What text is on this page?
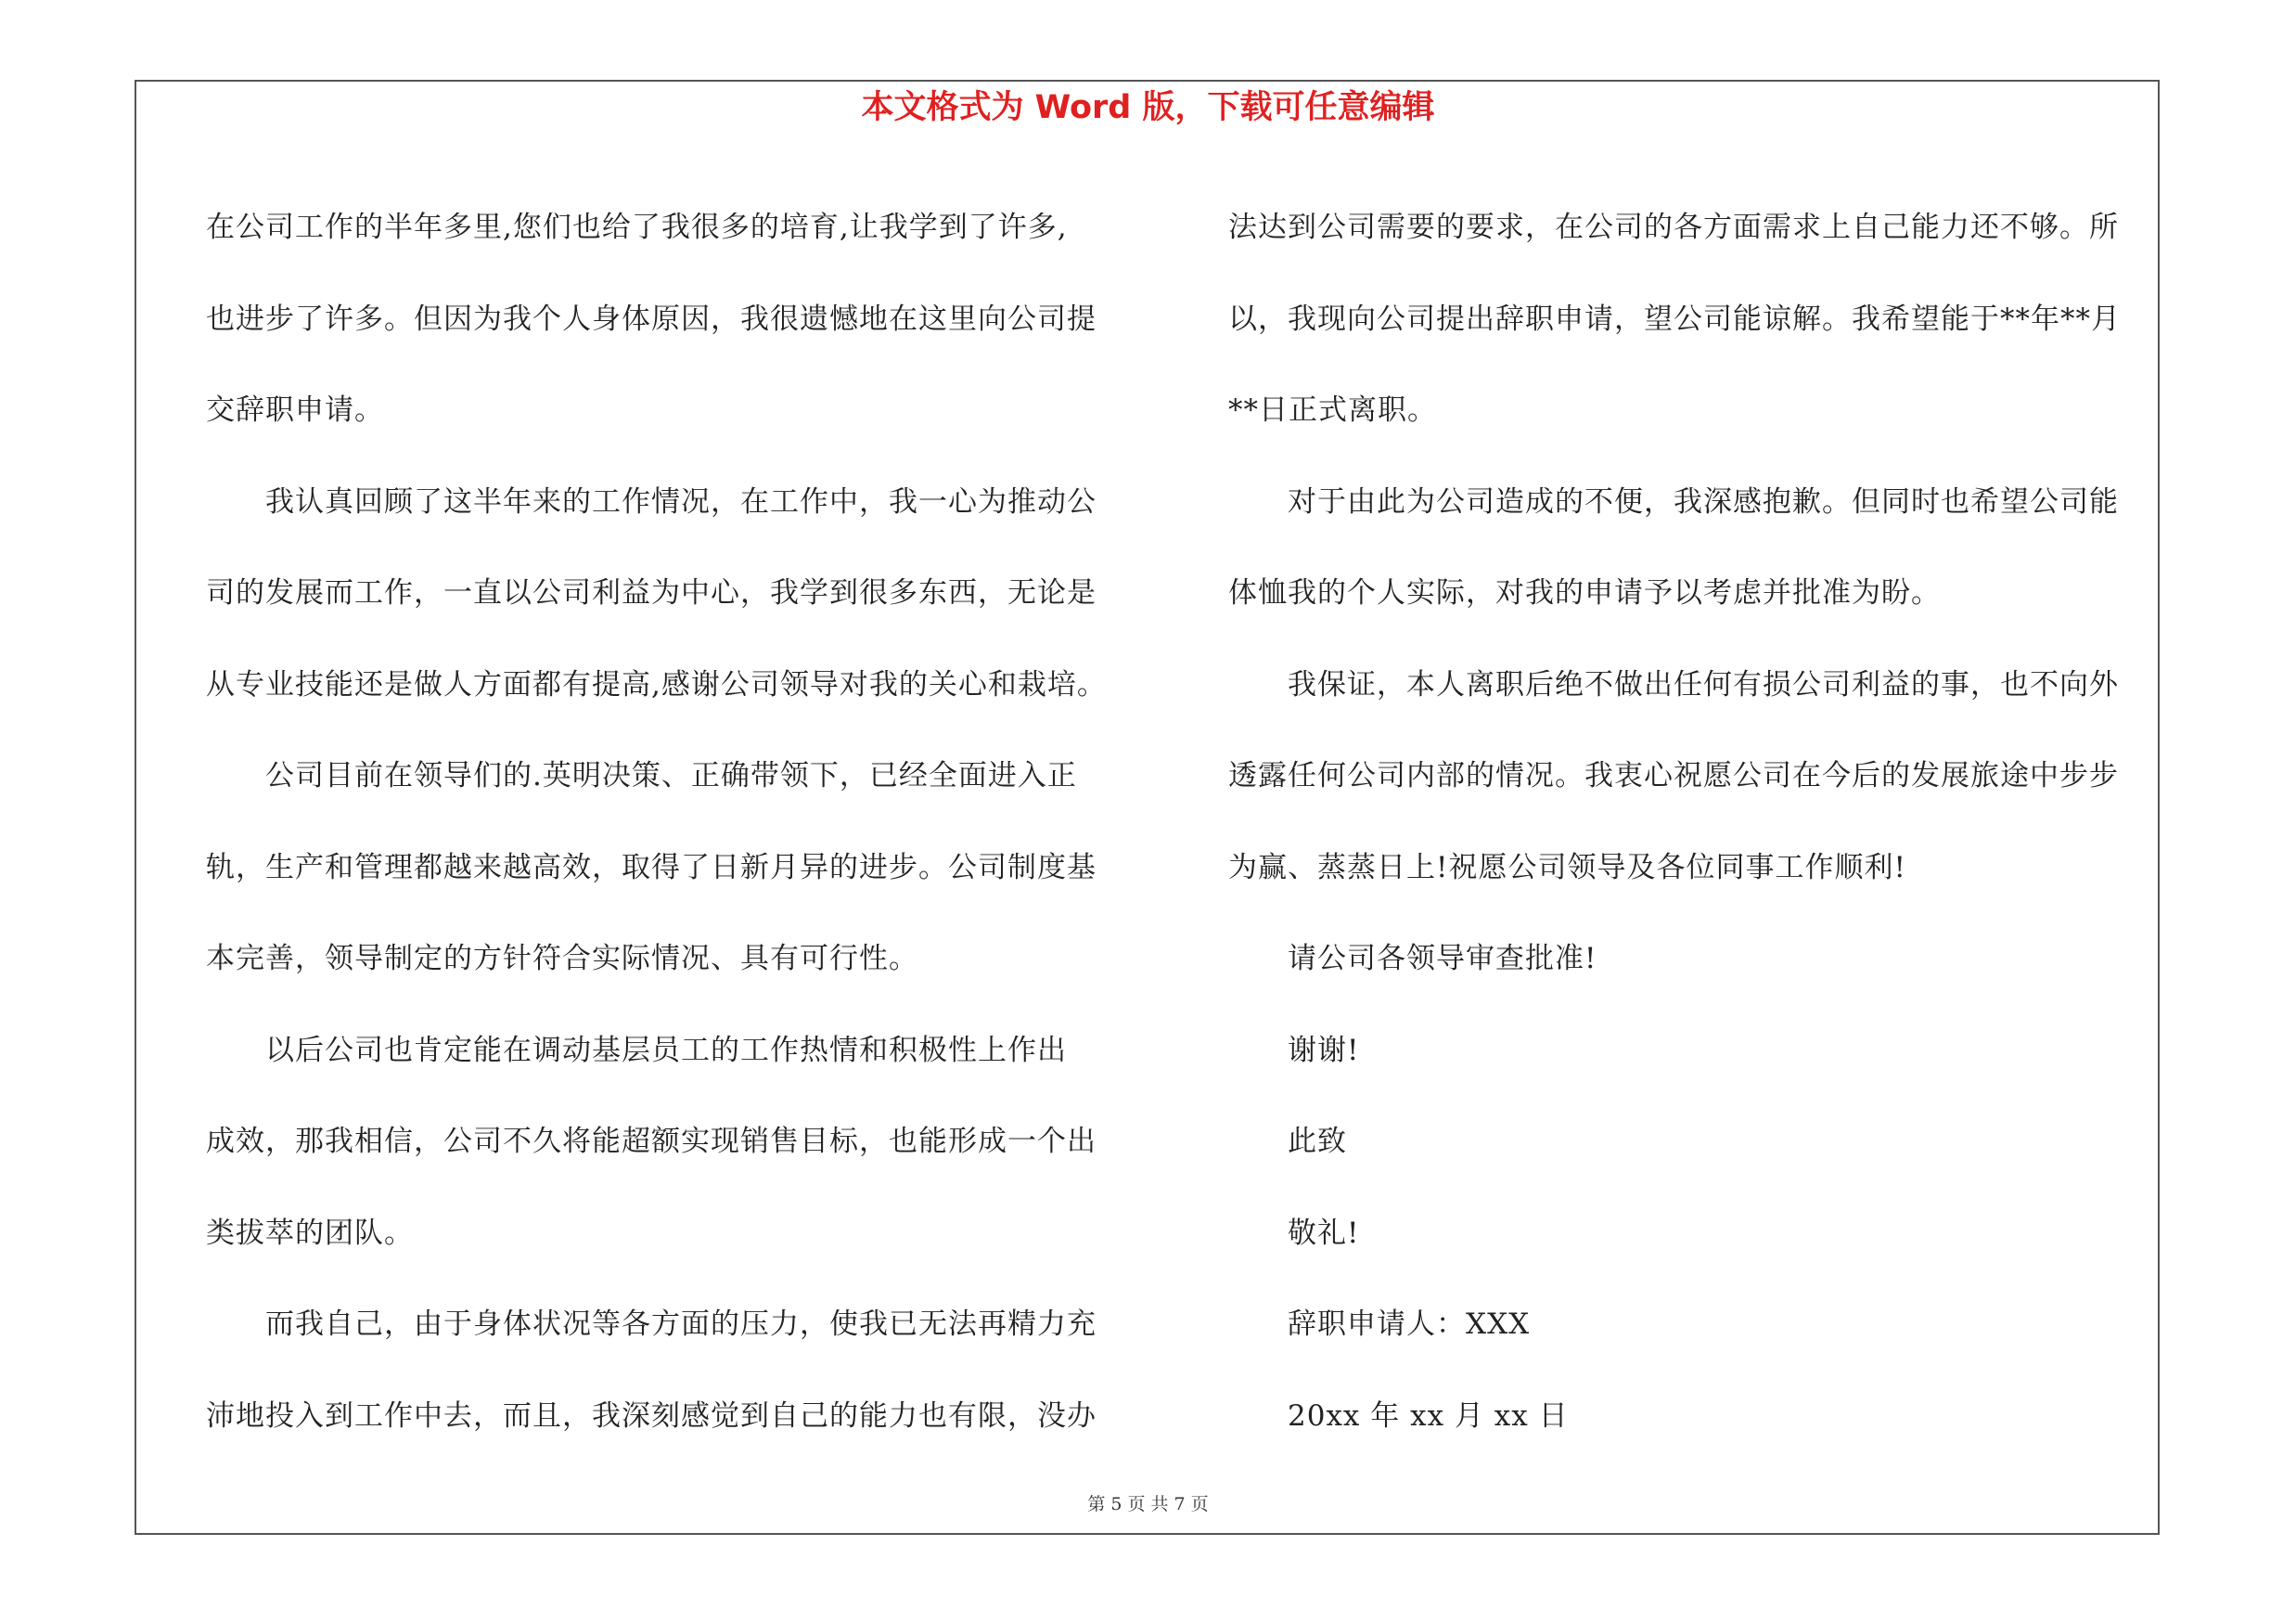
本文格式为 Word 版，下载可任意编辑
在公司工作的半年多里,您们也给了我很多的培育,让我学到了许多,
也进步了许多。但因为我个人身体原因，我很遗憾地在这里向公司提
交辞职申请。
我认真回顾了这半年来的工作情况，在工作中，我一心为推动公
司的发展而工作，一直以公司利益为中心，我学到很多东西，无论是
从专业技能还是做人方面都有提高,感谢公司领导对我的关心和栽培。
公司目前在领导们的.英明决策、正确带领下，已经全面进入正
轨，生产和管理都越来越高效，取得了日新月异的进步。公司制度基
本完善，领导制定的方针符合实际情况、具有可行性。
以后公司也肯定能在调动基层员工的工作热情和积极性上作出
成效，那我相信，公司不久将能超额实现销售目标，也能形成一个出
类拔萃的团队。
而我自己，由于身体状况等各方面的压力，使我已无法再精力充
沛地投入到工作中去，而且，我深刻感觉到自己的能力也有限，没办
法达到公司需要的要求，在公司的各方面需求上自己能力还不够。所
以，我现向公司提出辞职申请，望公司能谅解。我希望能于**年**月
**日正式离职。
对于由此为公司造成的不便，我深感抱歉。但同时也希望公司能
体恤我的个人实际，对我的申请予以考虑并批准为盼。
我保证，本人离职后绝不做出任何有损公司利益的事，也不向外
透露任何公司内部的情况。我衷心祝愿公司在今后的发展旅途中步步
为赢、蒸蒸日上!祝愿公司领导及各位同事工作顺利!
请公司各领导审查批准!
谢谢!
此致
敬礼!
辞职申请人：XXX
20xx 年 xx 月 xx 日
第 5 页 共 7 页
